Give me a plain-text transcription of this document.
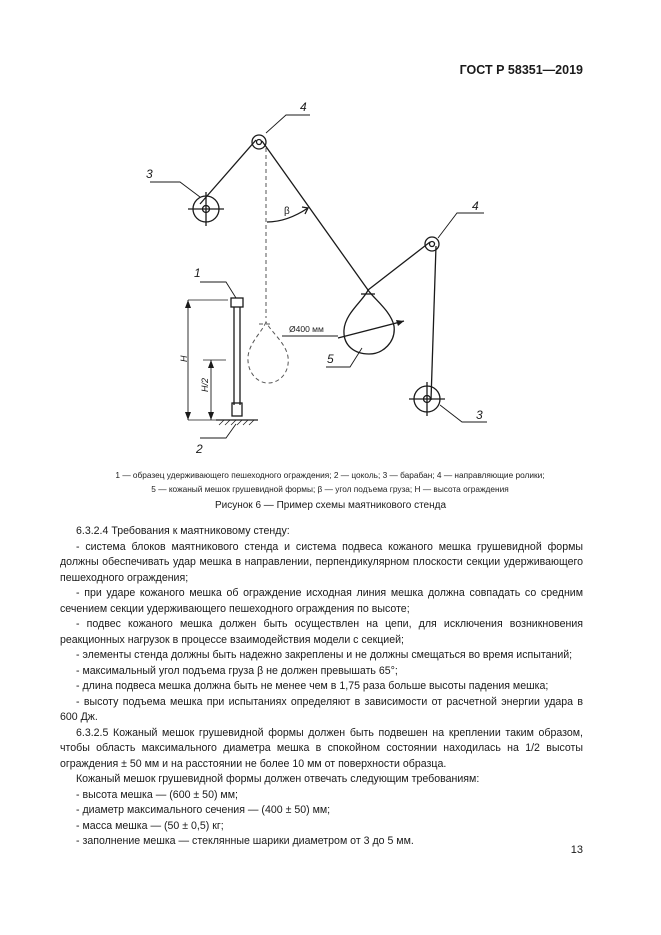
ГОСТ Р 58351—2019
4
4
3
3
1
2
5
β
Ø400 мм
H
H/2
1 — образец удерживающего пешеходного ограждения; 2 — цоколь; 3 — барабан; 4 — направляющие ролики;
5 — кожаный мешок грушевидной формы; β — угол подъема груза; H — высота ограждения
Рисунок 6 — Пример схемы маятникового стенда

6.3.2.4 Требования к маятниковому стенду:

- система блоков маятникового стенда и система подвеса кожаного мешка грушевидной формы должны обеспечивать удар мешка в направлении, перпендикулярном плоскости секции удерживающего пешеходного ограждения;

- при ударе кожаного мешка об ограждение исходная линия мешка должна совпадать со средним сечением секции удерживающего пешеходного ограждения по высоте;

- подвес кожаного мешка должен быть осуществлен на цепи, для исключения возникновения реакционных нагрузок в процессе взаимодействия модели с секцией;

- элементы стенда должны быть надежно закреплены и не должны смещаться во время испытаний;

- максимальный угол подъема груза β не должен превышать 65°;

- длина подвеса мешка должна быть не менее чем в 1,75 раза больше высоты падения мешка;

- высоту подъема мешка при испытаниях определяют в зависимости от расчетной энергии удара в 600 Дж.

6.3.2.5 Кожаный мешок грушевидной формы должен быть подвешен на креплении таким образом, чтобы область максимального диаметра мешка в спокойном состоянии находилась на 1/2 высоты ограждения ± 50 мм и на расстоянии не более 10 мм от поверхности образца.

Кожаный мешок грушевидной формы должен отвечать следующим требованиям:

- высота мешка — (600 ± 50) мм;

- диаметр максимального сечения — (400 ± 50) мм;

- масса мешка — (50 ± 0,5) кг;

- заполнение мешка — стеклянные шарики диаметром от 3 до 5 мм.

13
